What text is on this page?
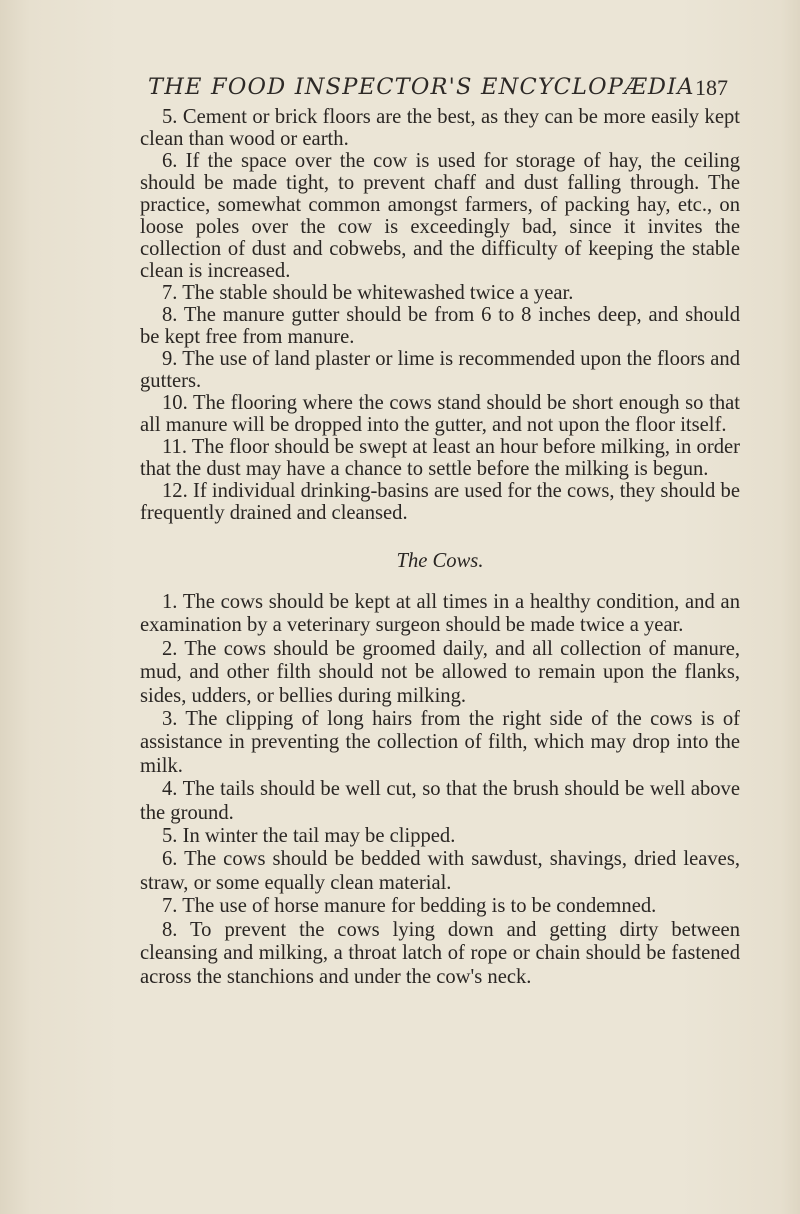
THE FOOD INSPECTOR'S ENCYCLOPÆDIA 187

5. Cement or brick floors are the best, as they can be more easily kept clean than wood or earth.

6. If the space over the cow is used for storage of hay, the ceiling should be made tight, to prevent chaff and dust falling through. The practice, somewhat common amongst farmers, of packing hay, etc., on loose poles over the cow is exceedingly bad, since it invites the collection of dust and cobwebs, and the difficulty of keeping the stable clean is increased.

7. The stable should be whitewashed twice a year.

8. The manure gutter should be from 6 to 8 inches deep, and should be kept free from manure.

9. The use of land plaster or lime is recommended upon the floors and gutters.

10. The flooring where the cows stand should be short enough so that all manure will be dropped into the gutter, and not upon the floor itself.

11. The floor should be swept at least an hour before milking, in order that the dust may have a chance to settle before the milking is begun.

12. If individual drinking-basins are used for the cows, they should be frequently drained and cleansed.

The Cows.

1. The cows should be kept at all times in a healthy condition, and an examination by a veterinary surgeon should be made twice a year.

2. The cows should be groomed daily, and all collection of manure, mud, and other filth should not be allowed to remain upon the flanks, sides, udders, or bellies during milking.

3. The clipping of long hairs from the right side of the cows is of assistance in preventing the collection of filth, which may drop into the milk.

4. The tails should be well cut, so that the brush should be well above the ground.

5. In winter the tail may be clipped.

6. The cows should be bedded with sawdust, shavings, dried leaves, straw, or some equally clean material.

7. The use of horse manure for bedding is to be condemned.

8. To prevent the cows lying down and getting dirty between cleansing and milking, a throat latch of rope or chain should be fastened across the stanchions and under the cow's neck.
